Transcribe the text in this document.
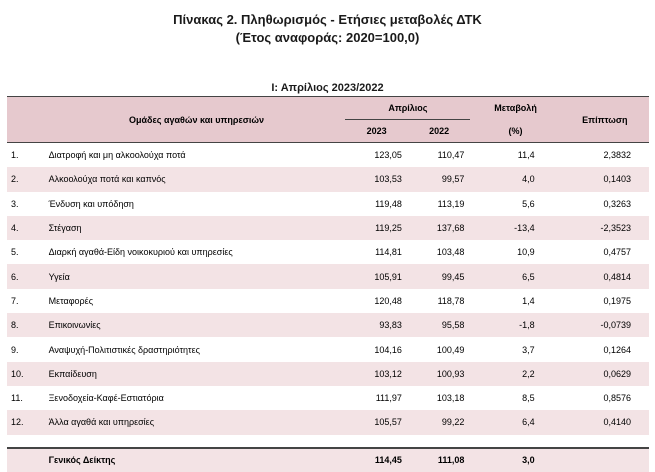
Πίνακας 2. Πληθωρισμός - Ετήσιες μεταβολές ΔΤΚ
(Έτος αναφοράς: 2020=100,0)
Ι: Απρίλιος 2023/2022
	Ομάδες αγαθών και υπηρεσιών	Απρίλιος		Μεταβολή	Επίπτωση
		2023	2022	(%)	
1.	Διατροφή και μη αλκοολούχα ποτά	123,05	110,47	11,4	2,3832
2.	Αλκοολούχα ποτά και καπνός	103,53	99,57	4,0	0,1403
3.	Ένδυση και υπόδηση	119,48	113,19	5,6	0,3263
4.	Στέγαση	119,25	137,68	-13,4	-2,3523
5.	Διαρκή αγαθά-Είδη νοικοκυριού και υπηρεσίες	114,81	103,48	10,9	0,4757
6.	Υγεία	105,91	99,45	6,5	0,4814
7.	Μεταφορές	120,48	118,78	1,4	0,1975
8.	Επικοινωνίες	93,83	95,58	-1,8	-0,0739
9.	Αναψυχή-Πολιτιστικές δραστηριότητες	104,16	100,49	3,7	0,1264
10.	Εκπαίδευση	103,12	100,93	2,2	0,0629
11.	Ξενοδοχεία-Καφέ-Εστιατόρια	111,97	103,18	8,5	0,8576
12.	Άλλα αγαθά και υπηρεσίες	105,57	99,22	6,4	0,4140

	Γενικός Δείκτης	114,45	111,08	3,0	
